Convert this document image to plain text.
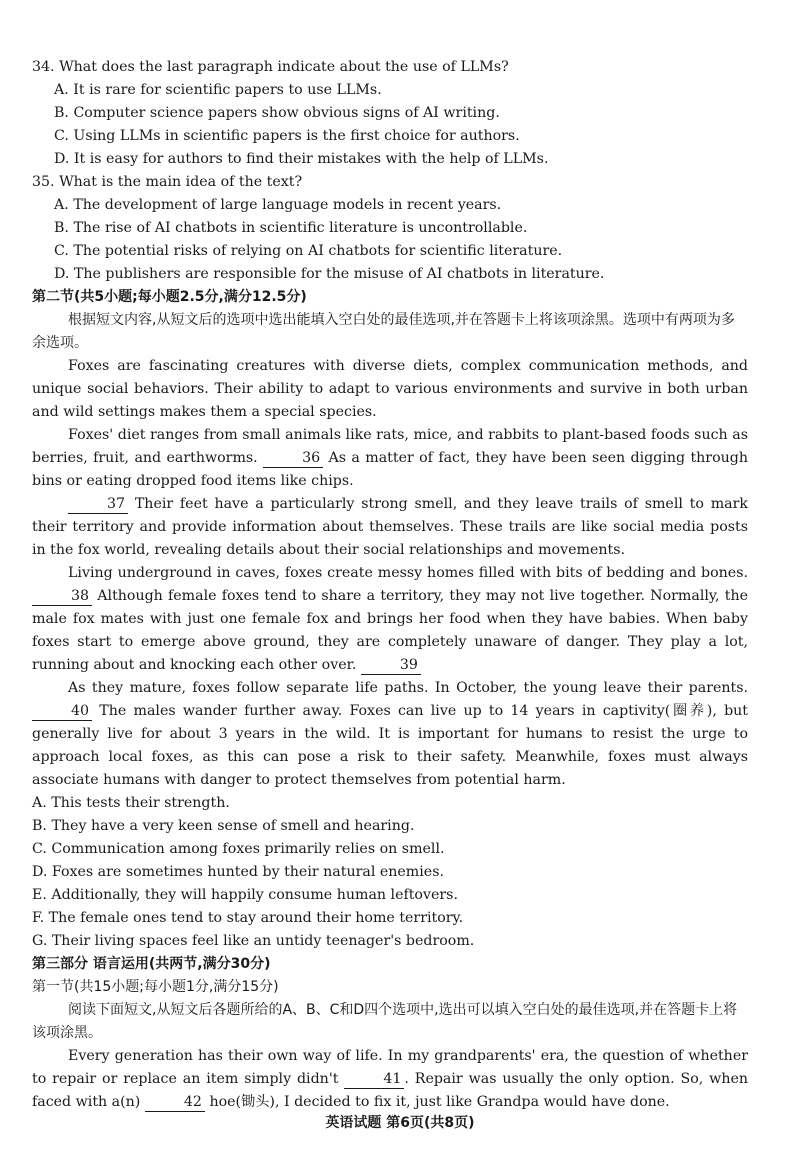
34. What does the last paragraph indicate about the use of LLMs?

A. It is rare for scientific papers to use LLMs.

B. Computer science papers show obvious signs of AI writing.

C. Using LLMs in scientific papers is the first choice for authors.

D. It is easy for authors to find their mistakes with the help of LLMs.

35. What is the main idea of the text?

A. The development of large language models in recent years.

B. The rise of AI chatbots in scientific literature is uncontrollable.

C. The potential risks of relying on AI chatbots for scientific literature.

D. The publishers are responsible for the misuse of AI chatbots in literature.

第二节(共5小题;每小题2.5分,满分12.5分)

根据短文内容,从短文后的选项中选出能填入空白处的最佳选项,并在答题卡上将该项涂黑。选项中有两项为多余选项。

Foxes are fascinating creatures with diverse diets, complex communication methods, and unique social behaviors. Their ability to adapt to various environments and survive in both urban and wild settings makes them a special species.

Foxes' diet ranges from small animals like rats, mice, and rabbits to plant-based foods such as berries, fruit, and earthworms.	36 As a matter of fact, they have been seen digging through bins or eating dropped food items like chips.

37 Their feet have a particularly strong smell, and they leave trails of smell to mark their territory and provide information about themselves. These trails are like social media posts in the fox world, revealing details about their social relationships and movements.

Living underground in caves, foxes create messy homes filled with bits of bedding and bones. 38 Although female foxes tend to share a territory, they may not live together. Normally, the male fox mates with just one female fox and brings her food when they have babies. When baby foxes start to emerge above ground, they are completely unaware of danger. They play a lot, running about and knocking each other over.	39

As they mature, foxes follow separate life paths. In October, the young leave their parents. 40 The males wander further away. Foxes can live up to 14 years in captivity(圈养), but generally live for about 3 years in the wild. It is important for humans to resist the urge to approach local foxes, as this can pose a risk to their safety. Meanwhile, foxes must always associate humans with danger to protect themselves from potential harm.

A. This tests their strength.

B. They have a very keen sense of smell and hearing.

C. Communication among foxes primarily relies on smell.

D. Foxes are sometimes hunted by their natural enemies.

E. Additionally, they will happily consume human leftovers.

F. The female ones tend to stay around their home territory.

G. Their living spaces feel like an untidy teenager's bedroom.

第三部分 语言运用(共两节,满分30分)

第一节(共15小题;每小题1分,满分15分)

阅读下面短文,从短文后各题所给的A、B、C和D四个选项中,选出可以填入空白处的最佳选项,并在答题卡上将该项涂黑。

Every generation has their own way of life. In my grandparents' era, the question of whether to repair or replace an item simply didn't	41 . Repair was usually the only option. So, when faced with a(n)	42 hoe(锄头), I decided to fix it, just like Grandpa would have done.

英语试题 第6页(共8页)
